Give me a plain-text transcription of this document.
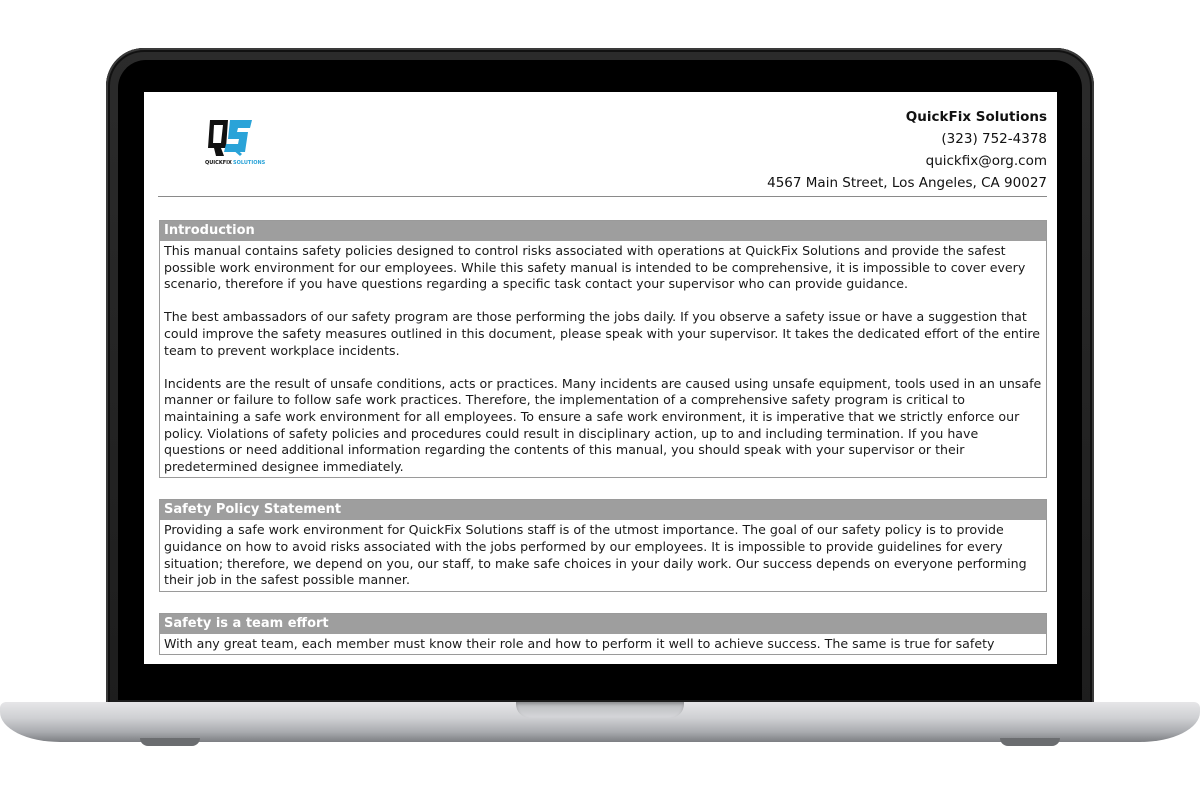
QUICKFIX SOLUTIONS
QuickFix Solutions
(323) 752-4378
quickfix@org.com
4567 Main Street, Los Angeles, CA 90027
Introduction

This manual contains safety policies designed to control risks associated with operations at QuickFix Solutions and provide the safest possible work environment for our employees. While this safety manual is intended to be comprehensive, it is impossible to cover every scenario, therefore if you have questions regarding a specific task contact your supervisor who can provide guidance.

The best ambassadors of our safety program are those performing the jobs daily. If you observe a safety issue or have a suggestion that could improve the safety measures outlined in this document, please speak with your supervisor. It takes the dedicated effort of the entire team to prevent workplace incidents.

Incidents are the result of unsafe conditions, acts or practices. Many incidents are caused using unsafe equipment, tools used in an unsafe manner or failure to follow safe work practices. Therefore, the implementation of a comprehensive safety program is critical to maintaining a safe work environment for all employees. To ensure a safe work environment, it is imperative that we strictly enforce our policy. Violations of safety policies and procedures could result in disciplinary action, up to and including termination. If you have questions or need additional information regarding the contents of this manual, you should speak with your supervisor or their predetermined designee immediately.

Safety Policy Statement

Providing a safe work environment for QuickFix Solutions staff is of the utmost importance. The goal of our safety policy is to provide guidance on how to avoid risks associated with the jobs performed by our employees. It is impossible to provide guidelines for every situation; therefore, we depend on you, our staff, to make safe choices in your daily work. Our success depends on everyone performing their job in the safest possible manner.

Safety is a team effort

With any great team, each member must know their role and how to perform it well to achieve success. The same is true for safety
